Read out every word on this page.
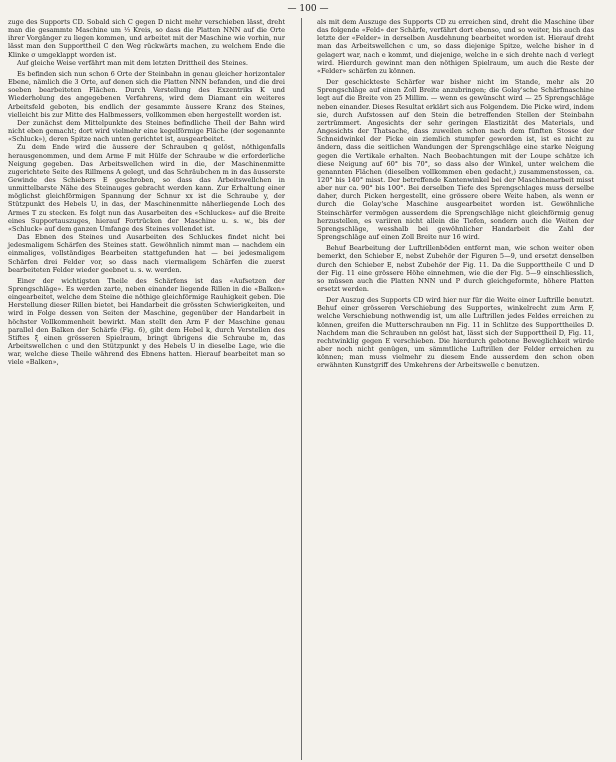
— 100 —

zuge des Supports CD. Sobald sich C gegen D nicht mehr verschieben lässt, dreht man die gesammte Maschine um ⅓ Kreis, so dass die Platten NNN auf die Orte ihrer Vorgänger zu liegen kommen, und arbeitet mit der Maschine wie vorhin, nur lässt man den Supporttheil C den Weg rückwärts machen, zu welchem Ende die Klinke σ umgeklappt worden ist.

Auf gleiche Weise verfährt man mit dem letzten Drittheil des Steines.

Es befinden sich nun schon 6 Orte der Steinbahn in genau gleicher horizontaler Ebene, nämlich die 3 Orte, auf denen sich die Platten NNN befanden, und die drei soeben bearbeiteten Flächen. Durch Verstellung des Exzentriks K und Wiederholung des angegebenen Verfahrens, wird dem Diamant ein weiteres Arbeitsfeld geboten, bis endlich der gesammte äussere Kranz des Steines, vielleicht bis zur Mitte des Halbmessers, vollkommen eben hergestellt worden ist.

Der zunächst dem Mittelpunkte des Steines befindliche Theil der Bahn wird nicht eben gemacht; dort wird vielmehr eine kegelförmige Fläche (der sogenannte «Schluck»), deren Spitze nach unten gerichtet ist, ausgearbeitet.

Zu dem Ende wird die äussere der Schrauben q gelöst, nöthigenfalls herausgenommen, und dem Arme F mit Hülfe der Schraube w die erforderliche Neigung gegeben. Das Arbeitswellchen wird in die, der Maschinenmitte zugerichtete Seite des Rillmens A gelegt, und das Schräubchen m in das äusserste Gewinde des Schiebers E geschroben, so dass das Arbeitswellchen in unmittelbarste Nähe des Steinauges gebracht werden kann. Zur Erhaltung einer möglichst gleichförmigen Spannung der Schnur xx ist die Schraube y, der Stützpunkt des Hebels U, in das, der Maschinenmitte näherliegende Loch des Armes T zu stecken. Es folgt nun das Ausarbeiten des «Schluckes» auf die Breite eines Supportauszuges, hierauf Fortrücken der Maschine u. s. w., bis der «Schluck» auf dem ganzen Umfange des Steines vollendet ist.

Das Ebnen des Steines und Ausarbeiten des Schluckes findet nicht bei jedesmaligem Schärfen des Steines statt. Gewöhnlich nimmt man — nachdem ein einmaliges, vollständiges Bearbeiten stattgefunden hat — bei jedesmaligem Schärfen drei Felder vor, so dass nach viermaligem Schärfen die zuerst bearbeiteten Felder wieder geebnet u. s. w. werden.

Einer der wichtigsten Theile des Schärfens ist das «Aufsetzen der Sprengschläge». Es werden zarte, neben einander liegende Rillen in die «Balken» eingearbeitet, welche dem Steine die nöthige gleichförmige Rauhigkeit geben. Die Herstellung dieser Rillen bietet, bei Handarbeit die grössten Schwierigkeiten, und wird in Folge dessen von Seiten der Maschine, gegenüber der Handarbeit in höchster Vollkommenheit bewirkt. Man stellt den Arm F der Maschine genau parallel den Balken der Schärfe (Fig. 6), gibt dem Hebel k, durch Verstellen des Stiftes ξ einen grösseren Spielraum, bringt übrigens die Schraube m, das Arbeitswellchen c und den Stützpunkt y des Hebels U in dieselbe Lage, wie die war, welche diese Theile während des Ebnens hatten. Hierauf bearbeitet man so viele «Balken»,

als mit dem Auszuge des Supports CD zu erreichen sind, dreht die Maschine über das folgende «Feld» der Schärfe, verfährt dort ebenso, und so weiter, bis auch das letzte der «Felder» in derselben Ausdehnung bearbeitet worden ist. Hierauf dreht man das Arbeitswellchen c um, so dass diejenige Spitze, welche bisher in d gelagert war, nach e kommt, und diejenige, welche in e sich drehte nach d verlegt wird. Hierdurch gewinnt man den nöthigen Spielraum, um auch die Reste der «Felder» schärfen zu können.

Der geschickteste Schärfer war bisher nicht im Stande, mehr als 20 Sprengschläge auf einen Zoll Breite anzubringen; die Golay'sche Schärfmaschine legt auf die Breite von 25 Millim. — wenn es gewünscht wird — 25 Sprengschläge neben einander. Dieses Resultat erklärt sich aus Folgendem. Die Picke wird, indem sie, durch Aufstossen auf den Stein die betreffenden Stellen der Steinbahn zertrümmert. Angesichts der sehr geringen Elastizität des Materials, und Angesichts der Thatsache, dass zuweilen schon nach dem fünften Stosse der Schneidwinkel der Picke ein ziemlich stumpfer geworden ist, ist es nicht zu ändern, dass die seitlichen Wandungen der Sprengschläge eine starke Neigung gegen die Vertikale erhalten. Nach Beobachtungen mit der Loupe schätze ich diese Neigung auf 60° bis 70°, so dass also der Winkel, unter welchem die genannten Flächen (dieselben vollkommen eben gedacht,) zusammenstossen, ca. 120° bis 140° misst. Der betreffende Kantenwinkel bei der Maschinenarbeit misst aber nur ca. 90° bis 100°. Bei derselben Tiefe des Sprengschlages muss derselbe daher, durch Picken hergestellt, eine grössere obere Weite haben, als wenn er durch die Golay'sche Maschine ausgearbeitet worden ist. Gewöhnliche Steinschärfer vermögen ausserdem die Sprengschläge nicht gleichförmig genug herzustellen, es variiren nicht allein die Tiefen, sondern auch die Weiten der Sprengschläge, wesshalb bei gewöhnlicher Handarbeit die Zahl der Sprengschläge auf einen Zoll Breite nur 16 wird.

Behuf Bearbeitung der Luftrillenböden entfernt man, wie schon weiter oben bemerkt, den Schieber E, nebst Zubehör der Figuren 5—9, und ersetzt denselben durch den Schieber E, nebst Zubehör der Fig. 11. Da die Supporttheile C und D der Fig. 11 eine grössere Höhe einnehmen, wie die der Fig. 5—9 einschliesslich, so müssen auch die Platten NNN und P durch gleichgeformte, höhere Platten ersetzt werden.

Der Auszug des Supports CD wird hier nur für die Weite einer Luftrille benutzt. Behuf einer grösseren Verschiebung des Supportes, winkelrecht zum Arm F, welche Verschiebung nothwendig ist, um alle Luftrillen jedes Feldes erreichen zu können, greifen die Mutterschrauben nn Fig. 11 in Schlitze des Supporttheiles D. Nachdem man die Schrauben nn gelöst hat, lässt sich der Supporttheil D, Fig. 11, rechtwinklig gegen E verschieben. Die hierdurch gebotene Beweglichkeit würde aber noch nicht genügen, um sämmtliche Luftrillen der Felder erreichen zu können; man muss vielmehr zu diesem Ende ausserdem den schon oben erwähnten Kunstgriff des Umkehrens der Arbeitswelle c benutzen.
